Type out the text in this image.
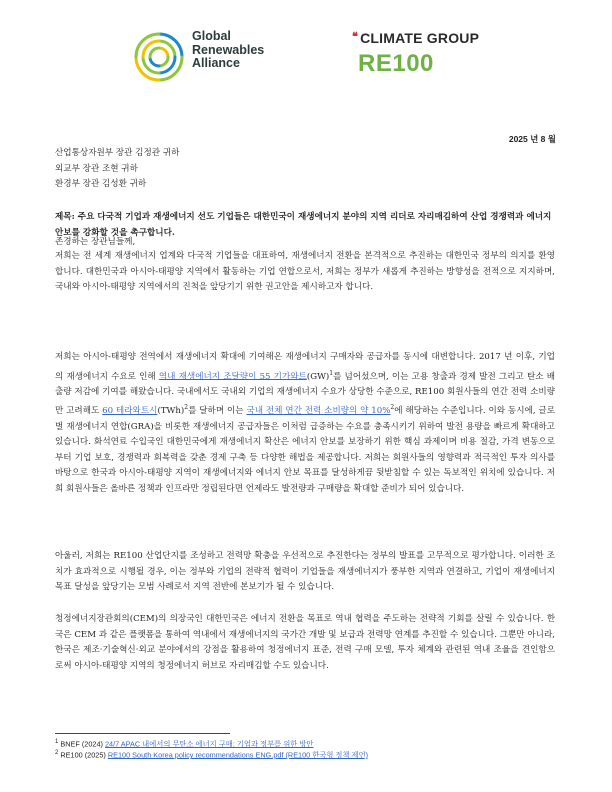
Global
Renewables
Alliance
❝ CLIMATE GROUP
RE100
2025 년 8 월
산업통상자원부 장관 김정관 귀하
외교부 장관 조현 귀하
환경부 장관 김성환 귀하
제목: 주요 다국적 기업과 재생에너지 선도 기업들은 대한민국이 재생에너지 분야의 지역 리더로 자리매김하여 산업 경쟁력과 에너지 안보를 강화할 것을 촉구합니다.
존경하는 장관님들께,
저희는 전 세계 재생에너지 업계와 다국적 기업들을 대표하여, 재생에너지 전환을 본격적으로 추진하는 대한민국 정부의 의지를 환영합니다. 대한민국과 아시아-태평양 지역에서 활동하는 기업 연합으로서, 저희는 정부가 새롭게 추진하는 방향성을 전적으로 지지하며, 국내와 아시아-태평양 지역에서의 진척을 앞당기기 위한 권고안을 제시하고자 합니다.
저희는 아시아-태평양 전역에서 재생에너지 확대에 기여해온 재생에너지 구매자와 공급자를 동시에 대변합니다. 2017 년 이후, 기업의 재생에너지 수요로 인해 역내 재생에너지 조달량이 55 기가와트(GW)$^1$를 넘어섰으며, 이는 고용 창출과 경제 발전 그리고 탄소 배출량 저감에 기여를 해왔습니다. 국내에서도 국내외 기업의 재생에너지 수요가 상당한 수준으로, RE100 회원사들의 연간 전력 소비량만 고려해도 60 테라와트시(TWh)$^2$를 달하며 이는 국내 전체 연간 전력 소비량의 약 10%$^2$에 해당하는 수준입니다. 이와 동시에, 글로벌 재생에너지 연합(GRA)을 비롯한 재생에너지 공급자들은 이처럼 급증하는 수요를 충족시키기 위하여 발전 용량을 빠르게 확대하고 있습니다. 화석연료 수입국인 대한민국에게 재생에너지 확산은 에너지 안보를 보장하기 위한 핵심 과제이며 비용 절감, 가격 변동으로부터 기업 보호, 경쟁력과 회복력을 갖춘 경제 구축 등 다양한 해법을 제공합니다. 저희는 회원사들의 영향력과 적극적인 투자 의사를 바탕으로 한국과 아시아-태평양 지역이 재생에너지와 에너지 안보 목표를 달성하게끔 뒷받침할 수 있는 독보적인 위치에 있습니다. 저희 회원사들은 올바른 정책과 인프라만 정립된다면 언제라도 발전량과 구매량을 확대할 준비가 되어 있습니다.
아울러, 저희는 RE100 산업단지를 조성하고 전력망 확충을 우선적으로 추진한다는 정부의 발표를 고무적으로 평가합니다. 이러한 조치가 효과적으로 시행될 경우, 이는 정부와 기업의 전략적 협력이 기업들을 재생에너지가 풍부한 지역과 연결하고, 기업이 재생에너지 목표 달성을 앞당기는 모범 사례로서 지역 전반에 본보기가 될 수 있습니다.
청정에너지장관회의(CEM)의 의장국인 대한민국은 에너지 전환을 목표로 역내 협력을 주도하는 전략적 기회를 살릴 수 있습니다. 한국은 CEM 과 같은 플랫폼을 통하여 역내에서 재생에너지의 국가간 개발 및 보급과 전력망 연계를 추진할 수 있습니다. 그뿐만 아니라, 한국은 제조·기술혁신·외교 분야에서의 강점을 활용하여 청정에너지 표준, 전력 구매 모델, 투자 체계와 관련된 역내 조율을 견인함으로써 아시아-태평양 지역의 청정에너지 허브로 자리매김할 수도 있습니다.
$^1$ BNEF (2024) 24/7 APAC 내에서의 무탄소 에너지 구매: 기업과 정부를 위한 방안
$^2$ RE100 (2025) RE100 South Korea policy recommendations ENG.pdf (RE100 한국형 정책 제언)
